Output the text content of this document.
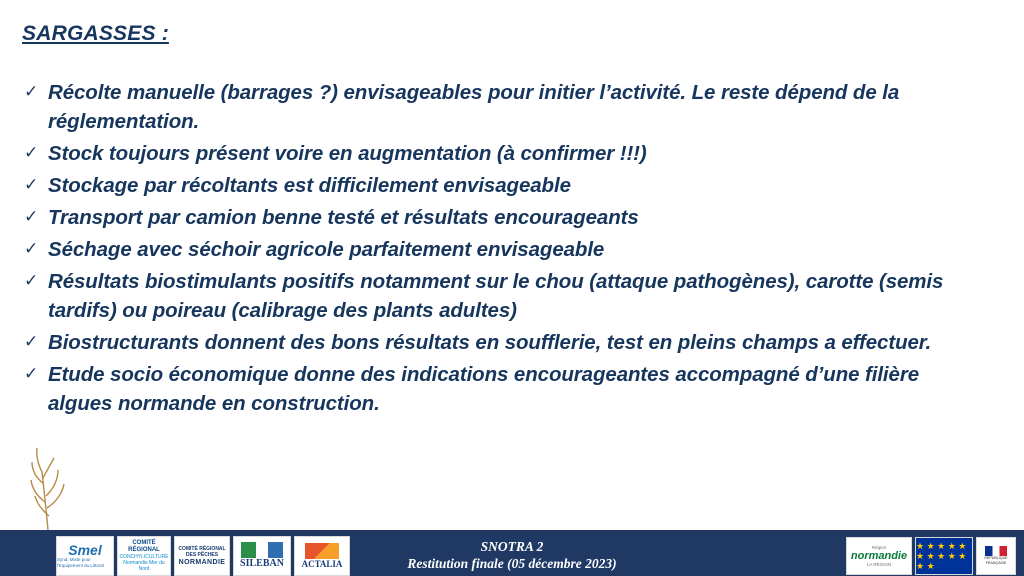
SARGASSES :
✓ Récolte manuelle (barrages ?) envisageables pour initier l’activité. Le reste dépend de la réglementation.
✓ Stock toujours présent voire en augmentation (à confirmer !!!)
✓ Stockage par récoltants est difficilement envisageable
✓ Transport par camion benne testé et résultats encourageants
✓ Séchage avec séchoir agricole parfaitement envisageable
✓ Résultats biostimulants positifs notamment sur le chou (attaque pathogènes), carotte (semis tardifs) ou poireau (calibrage des plants adultes)
✓ Biostructurants donnent des bons résultats en soufflerie, test en pleins champs a effectuer.
✓ Etude socio économique donne des indications encourageantes accompagné d’une filière algues normande en construction.
Smel
Synd. Mixte pour l'Equipement du Littoral
COMITÉ RÉGIONAL
CONCHYLICULTURE Normandie Mer du Nord
COMITÉ RÉGIONAL DES PÊCHES
NORMANDIE SILEBAN ACTALIA
SNOTRA 2
Restitution finale (05 décembre 2023)
Région
normandie
LA RÉGION
★ ★ ★ ★ ★ ★ ★ ★ ★ ★ ★ ★
RÉPUBLIQUE FRANÇAISE
